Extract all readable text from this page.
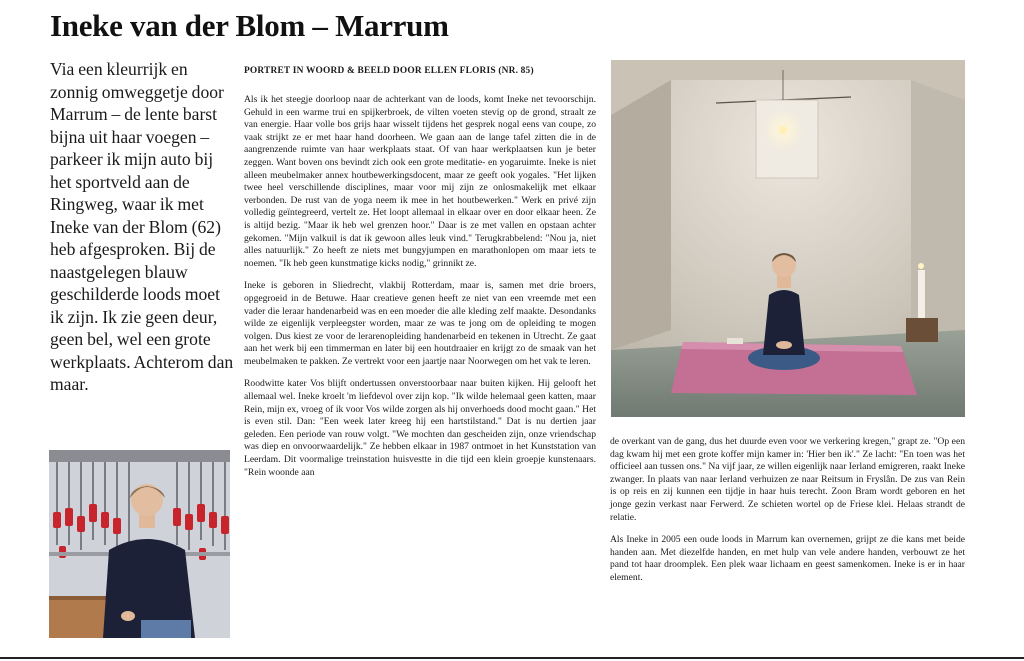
Ineke van der Blom – Marrum

Via een kleurrijk en zonnig omweggetje door Marrum – de lente barst bijna uit haar voegen – parkeer ik mijn auto bij het sportveld aan de Ringweg, waar ik met Ineke van der Blom (62) heb afgesproken. Bij de naastgelegen blauw geschilderde loods moet ik zijn. Ik zie geen deur, geen bel, wel een grote werkplaats. Achterom dan maar.

PORTRET IN WOORD & BEELD DOOR ELLEN FLORIS (NR. 85)

Als ik het steegje doorloop naar de achterkant van de loods, komt Ineke net tevoorschijn. Gehuld in een warme trui en spijkerbroek, de vilten voeten stevig op de grond, straalt ze van energie. Haar volle bos grijs haar wisselt tijdens het gesprek nogal eens van coupe, zo vaak strijkt ze er met haar hand doorheen. We gaan aan de lange tafel zitten die in de aangrenzende ruimte van haar werkplaats staat. Of van haar werkplaatsen kun je beter zeggen. Want boven ons bevindt zich ook een grote meditatie- en yogaruimte. Ineke is niet alleen meubelmaker annex houtbewerkingsdocent, maar ze geeft ook yogales. "Het lijken twee heel verschillende disciplines, maar voor mij zijn ze onlosmakelijk met elkaar verbonden. De rust van de yoga neem ik mee in het houtbewerken." Werk en privé zijn volledig geïntegreerd, vertelt ze. Het loopt allemaal in elkaar over en door elkaar heen. Ze is altijd bezig. "Maar ik heb wel grenzen hoor." Daar is ze met vallen en opstaan achter gekomen. "Mijn valkuil is dat ik gewoon alles leuk vind." Terugkrabbelend: "Nou ja, niet alles natuurlijk." Zo heeft ze niets met bungyjumpen en marathonlopen om maar iets te noemen. "Ik heb geen kunstmatige kicks nodig," grinnikt ze.

Ineke is geboren in Sliedrecht, vlakbij Rotterdam, maar is, samen met drie broers, opgegroeid in de Betuwe. Haar creatieve genen heeft ze niet van een vreemde met een vader die leraar handenarbeid was en een moeder die alle kleding zelf maakte. Desondanks wilde ze eigenlijk verpleegster worden, maar ze was te jong om de opleiding te mogen volgen. Dus kiest ze voor de lerarenopleiding handenarbeid en tekenen in Utrecht. Ze gaat aan het werk bij een timmerman en later bij een houtdraaier en krijgt zo de smaak van het meubelmaken te pakken. Ze vertrekt voor een jaartje naar Noorwegen om het vak te leren.

Roodwitte kater Vos blijft ondertussen onverstoorbaar naar buiten kijken. Hij gelooft het allemaal wel. Ineke kroelt 'm liefdevol over zijn kop. "Ik wilde helemaal geen katten, maar Rein, mijn ex, vroeg of ik voor Vos wilde zorgen als hij onverhoeds dood mocht gaan." Het is even stil. Dan: "Een week later kreeg hij een hartstilstand." Dat is nu dertien jaar geleden. Een periode van rouw volgt. "We mochten dan gescheiden zijn, onze vriendschap was diep en onvoorwaardelijk." Ze hebben elkaar in 1987 ontmoet in het Kunststation van Leerdam. Dit voormalige treinstation huisvestte in die tijd een klein groepje kunstenaars. "Rein woonde aan

de overkant van de gang, dus het duurde even voor we verkering kregen," grapt ze. "Op een dag kwam hij met een grote koffer mijn kamer in: 'Hier ben ik'." Ze lacht: "En toen was het officieel aan tussen ons." Na vijf jaar, ze willen eigenlijk naar Ierland emigreren, raakt Ineke zwanger. In plaats van naar Ierland verhuizen ze naar Reitsum in Fryslân. De zus van Rein is op reis en zij kunnen een tijdje in haar huis terecht. Zoon Bram wordt geboren en het jonge gezin verkast naar Ferwerd. Ze schieten wortel op de Friese klei. Helaas strandt de relatie.

Als Ineke in 2005 een oude loods in Marrum kan overnemen, grijpt ze die kans met beide handen aan. Met diezelfde handen, en met hulp van vele andere handen, verbouwt ze het pand tot haar droomplek. Een plek waar lichaam en geest samenkomen. Ineke is er in haar element.
